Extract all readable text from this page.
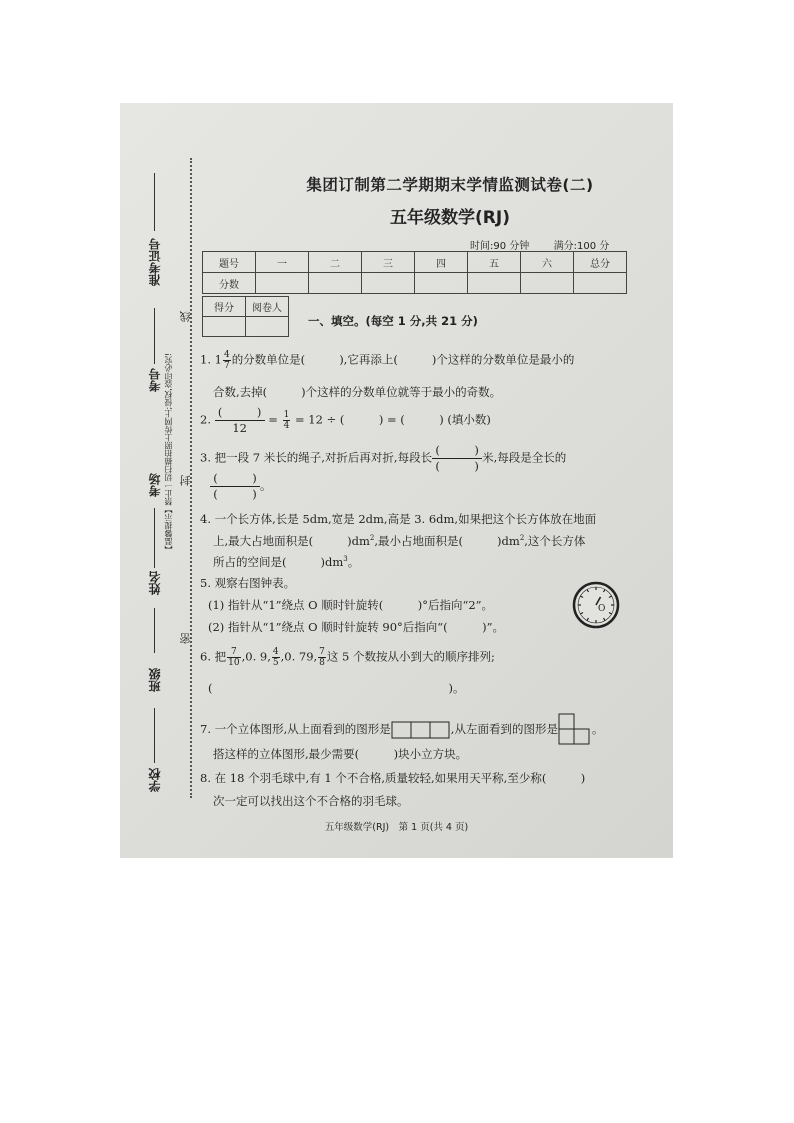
准考证号
线
考号 【温馨提示】禁止一切扫描拍照上传网上;侵权,盗印必究!
考场 封
姓名
密
班级
学校
集团订制第二学期期末学情监测试卷(二)
五年级数学(RJ)
时间:90 分钟 满分:100 分
题号	一	二	三	四	五	六	总分
分数							
得分	阅卷人

一、填空。(每空 1 分,共 21 分)
1. $1 \frac{4}{7}$ 的分数单位是(	),它再添上(	)个这样的分数单位是最小的
合数,去掉(	)个这样的分数单位就等于最小的奇数。
2.
(　　　)
12
= $\frac{1}{4} = 12$ ÷ (　　　) = (　　　) (填小数)
3. 把一段 7 米长的绳子,对折后再对折,每段长
(　　　)
(　　　)
米,每段是全长的
(　　　)
(　　　)
。
4. 一个长方体,长是 5dm,宽是 2dm,高是 3. 6dm,如果把这个长方体放在地面
上,最大占地面积是(	)$dm^2$,最小占地面积是(	)$dm^2$,这个长方体
所占的空间是(	)$dm^3$。
5. 观察右图钟表。
(1) 指针从“1”绕点 O 顺时针旋转(　　　)°后指向“2”。
(2) 指针从“1”绕点 O 顺时针旋转 90°后指向“(　　　)”。
O
6. 把 $\frac{7}{10} ,0$. 9, $\frac{4}{5} ,0$. 79, $\frac{7}{8}$ 这 5 个数按从小到大的顺序排列;
(	)。
7. 一个立体图形,从上面看到的图形是	,从左面看到的图形是	。
搭这样的立体图形,最少需要(　　　)块小立方块。
8. 在 18 个羽毛球中,有 1 个不合格,质量较轻,如果用天平称,至少称(　　　)
次一定可以找出这个不合格的羽毛球。
五年级数学(RJ)　第 1 页(共 4 页)
